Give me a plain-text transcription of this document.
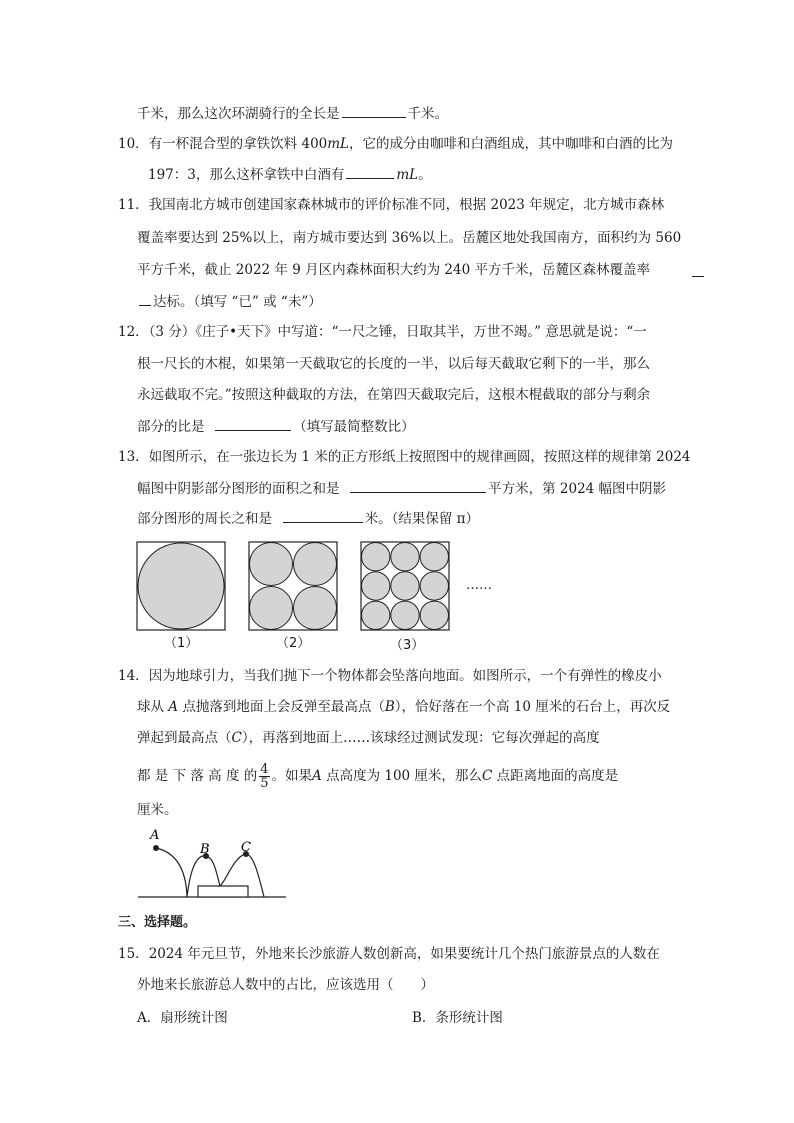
千米，那么这次环湖骑行的全长是	千米。
10．有一杯混合型的拿铁饮料 400mL，它的成分由咖啡和白酒组成，其中咖啡和白酒的比为
197：3，那么这杯拿铁中白酒有	mL。
11．我国南北方城市创建国家森林城市的评价标准不同，根据 2023 年规定，北方城市森林
覆盖率要达到 25%以上，南方城市要达到 36%以上。岳麓区地处我国南方，面积约为 560
平方千米，截止 2022 年 9 月区内森林面积大约为 240 平方千米，岳麓区森林覆盖率
达标。（填写 “已” 或 “未”）
12．（3 分）《庄子•天下》中写道：“一尺之锤，日取其半，万世不竭。” 意思就是说：“一
根一尺长的木棍，如果第一天截取它的长度的一半，以后每天截取它剩下的一半，那么
永远截取不完。”按照这种截取的方法，在第四天截取完后，这根木棍截取的部分与剩余
部分的比是	（填写最简整数比）
13．如图所示，在一张边长为 1 米的正方形纸上按照图中的规律画圆，按照这样的规律第 2024
幅图中阴影部分图形的面积之和是	平方米，第 2024 幅图中阴影
部分图形的周长之和是	米。（结果保留 π）
……
（1）	（2）	（3）
14．因为地球引力，当我们抛下一个物体都会坠落向地面。如图所示，一个有弹性的橡皮小
球从 A 点抛落到地面上会反弹至最高点（B），恰好落在一个高 10 厘米的石台上，再次反
弹起到最高点（C），再落到地面上……该球经过测试发现：它每次弹起的高度
都 是 下 落 高 度 的 $\frac{4}{5}$ 。如果A 点高度为 100 厘米，那么C 点距离地面的高度是
厘米。
A
B C
三、选择题。
15．2024 年元旦节，外地来长沙旅游人数创新高，如果要统计几个热门旅游景点的人数在
外地来长旅游总人数中的占比，应该选用（　　）
A．扇形统计图	B．条形统计图
